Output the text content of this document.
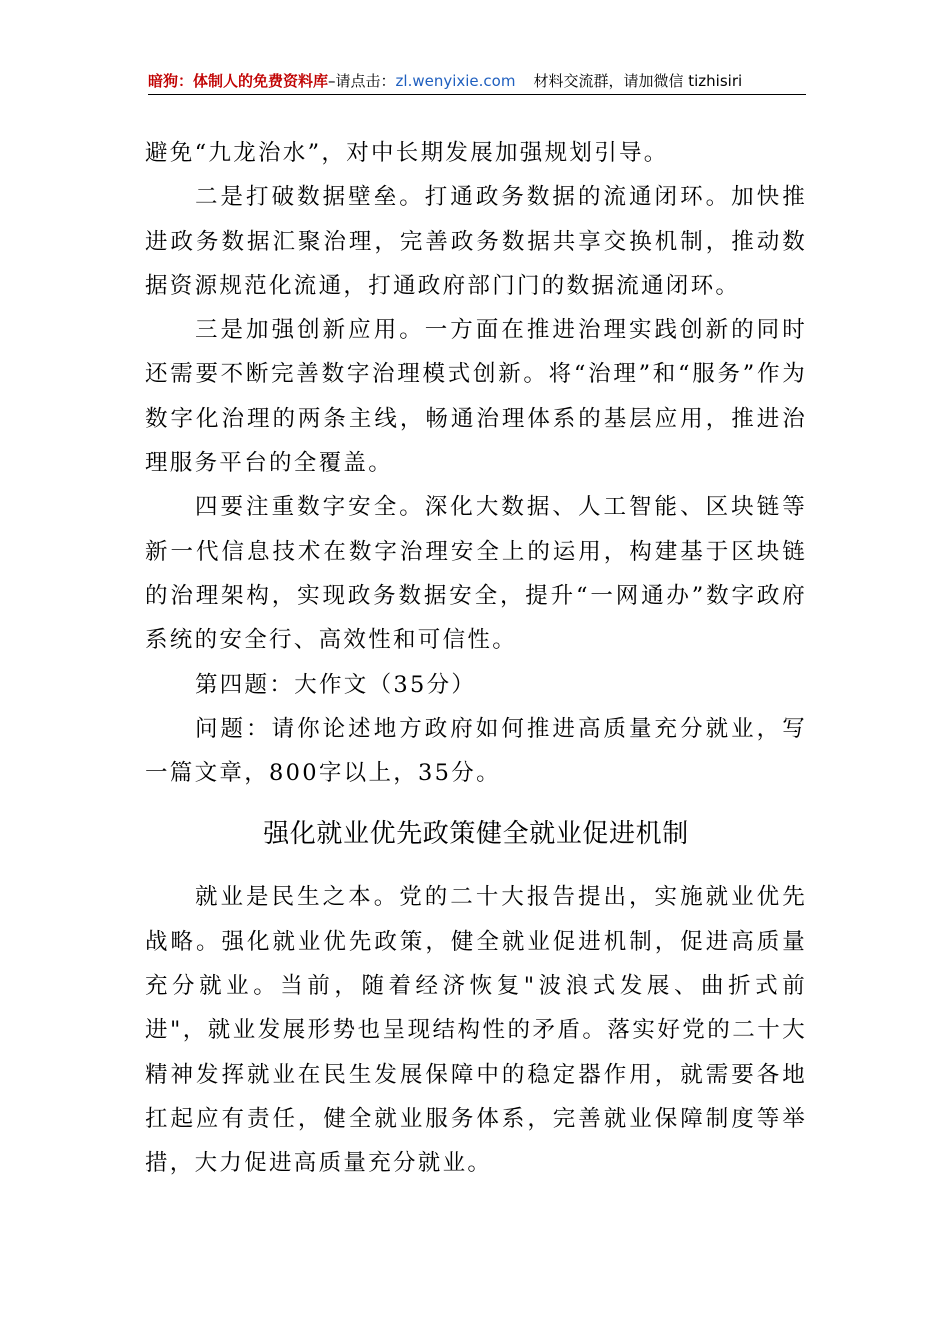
暗狗：体制人的免费资料库–请点击：zl.wenyixie.com 材料交流群，请加微信 tizhisiri

避免“九龙治水”，对中长期发展加强规划引导。

二是打破数据壁垒。打通政务数据的流通闭环。加快推进政务数据汇聚治理，完善政务数据共享交换机制，推动数据资源规范化流通，打通政府部门门的数据流通闭环。

三是加强创新应用。一方面在推进治理实践创新的同时还需要不断完善数字治理模式创新。将“治理”和“服务”作为数字化治理的两条主线，畅通治理体系的基层应用，推进治理服务平台的全覆盖。

四要注重数字安全。深化大数据、人工智能、区块链等新一代信息技术在数字治理安全上的运用，构建基于区块链的治理架构，实现政务数据安全，提升“一网通办”数字政府系统的安全行、高效性和可信性。

第四题：大作文（35分）

问题：请你论述地方政府如何推进高质量充分就业，写一篇文章，800字以上，35分。

强化就业优先政策健全就业促进机制

就业是民生之本。党的二十大报告提出，实施就业优先战略。强化就业优先政策，健全就业促进机制，促进高质量充分就业。当前，随着经济恢复"波浪式发展、曲折式前进"，就业发展形势也呈现结构性的矛盾。落实好党的二十大精神发挥就业在民生发展保障中的稳定器作用，就需要各地扛起应有责任，健全就业服务体系，完善就业保障制度等举措，大力促进高质量充分就业。
